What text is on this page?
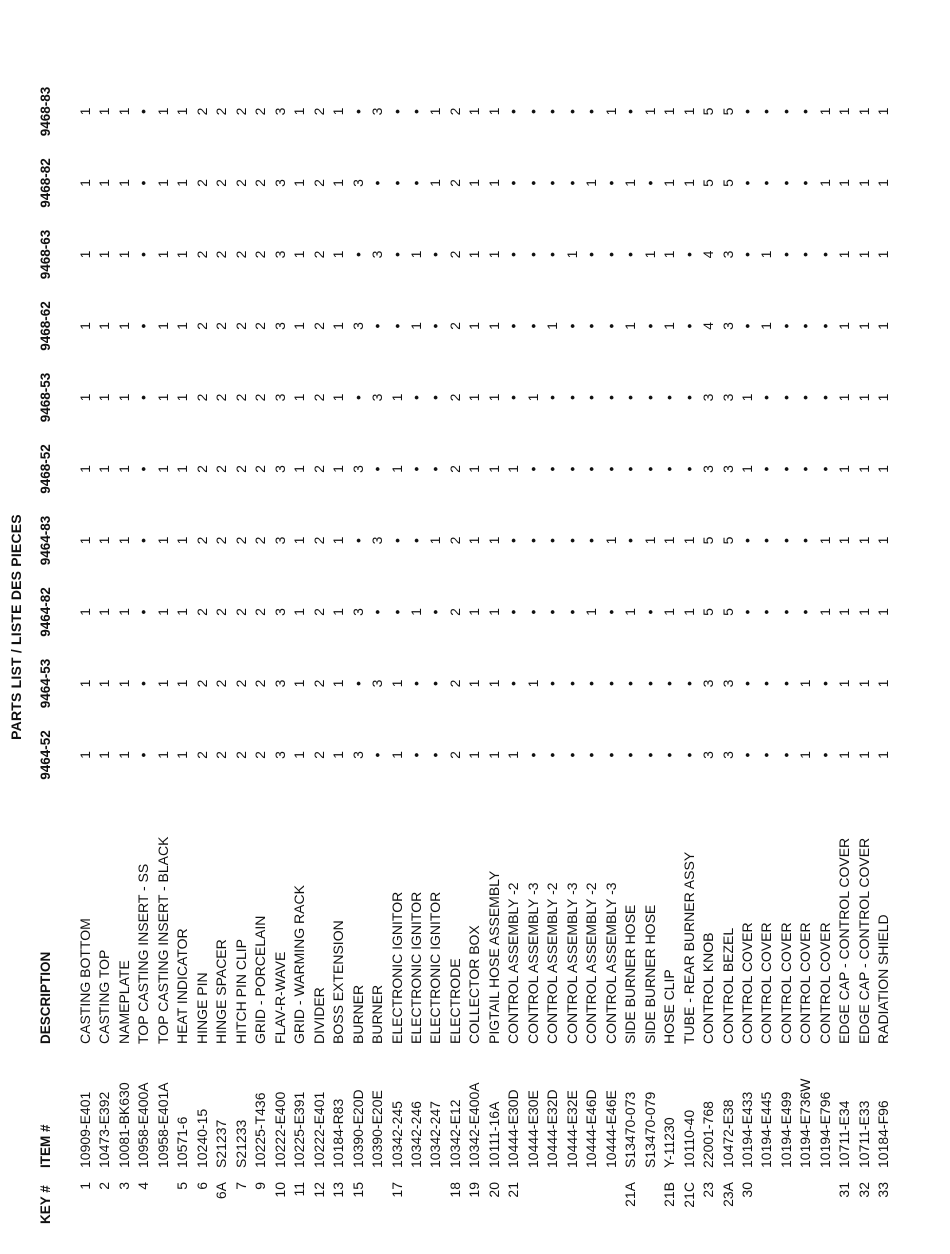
PARTS LIST / LISTE DES PIECES
KEY #
ITEM #
DESCRIPTION
9464-52
9464-53
9464-82
9464-83
9468-52
9468-53
9468-62
9468-63
9468-82
9468-83
1
10909-E401
CASTING BOTTOM
1
1
1
1
1
1
1
1
1
1
2
10473-E392
CASTING TOP
1
1
1
1
1
1
1
1
1
1
3
10081-BK630
NAMEPLATE
1
1
1
1
1
1
1
1
1
1
4
10958-E400A
TOP CASTING INSERT - SS
•
•
•
•
•
•
•
•
•
•
10958-E401A
TOP CASTING INSERT - BLACK
1
1
1
1
1
1
1
1
1
1
5
10571-6
HEAT INDICATOR
1
1
1
1
1
1
1
1
1
1
6
10240-15
HINGE PIN
2
2
2
2
2
2
2
2
2
2
6A
S21237
HINGE SPACER
2
2
2
2
2
2
2
2
2
2
7
S21233
HITCH PIN CLIP
2
2
2
2
2
2
2
2
2
2
9
10225-T436
GRID - PORCELAIN
2
2
2
2
2
2
2
2
2
2
10
10222-E400
FLAV-R-WAVE
3
3
3
3
3
3
3
3
3
3
11
10225-E391
GRID - WARMING RACK
1
1
1
1
1
1
1
1
1
1
12
10222-E401
DIVIDER
2
2
2
2
2
2
2
2
2
2
13
10184-R83
BOSS EXTENSION
1
1
1
1
1
1
1
1
1
1
15
10390-E20D
BURNER
3
•
3
•
3
•
3
•
3
•
10390-E20E
BURNER
•
3
•
3
•
3
•
3
•
3
17
10342-245
ELECTRONIC IGNITOR
1
1
•
•
1
1
•
•
•
•
10342-246
ELECTRONIC IGNITOR
•
•
1
•
•
•
1
1
•
•
10342-247
ELECTRONIC IGNITOR
•
•
•
1
•
•
•
•
1
1
18
10342-E12
ELECTRODE
2
2
2
2
2
2
2
2
2
2
19
10342-E400A
COLLECTOR BOX
1
1
1
1
1
1
1
1
1
1
20
10111-16A
PIGTAIL HOSE ASSEMBLY
1
1
1
1
1
1
1
1
1
1
21
10444-E30D
CONTROL ASSEMBLY -2
1
•
•
•
1
•
•
•
•
•
10444-E30E
CONTROL ASSEMBLY -3
•
1
•
•
•
1
•
•
•
•
10444-E32D
CONTROL ASSEMBLY -2
•
•
•
•
•
•
1
•
•
•
10444-E32E
CONTROL ASSEMBLY -3
•
•
•
•
•
•
•
1
•
•
10444-E46D
CONTROL ASSEMBLY -2
•
•
1
•
•
•
•
•
1
•
10444-E46E
CONTROL ASSEMBLY -3
•
•
•
1
•
•
•
•
•
1
21A
S13470-073
SIDE BURNER HOSE
•
•
1
•
•
•
1
•
1
•
S13470-079
SIDE BURNER HOSE
•
•
•
1
•
•
•
1
•
1
21B
Y-11230
HOSE CLIP
•
•
1
1
•
•
1
1
1
1
21C
10110-40
TUBE - REAR BURNER ASSY
•
•
1
1
•
•
•
•
1
1
23
22001-768
CONTROL KNOB
3
3
5
5
3
3
4
4
5
5
23A
10472-E38
CONTROL BEZEL
3
3
5
5
3
3
3
3
5
5
30
10194-E433
CONTROL COVER
•
•
•
•
1
1
•
•
•
•
10194-E445
CONTROL COVER
•
•
•
•
•
•
1
1
•
•
10194-E499
CONTROL COVER
•
•
•
•
•
•
•
•
•
•
10194-E736W
CONTROL COVER
1
1
•
•
•
•
•
•
•
•
10194-E796
CONTROL COVER
•
•
1
1
•
•
•
•
1
1
31
10711-E34
EDGE CAP - CONTROL COVER
1
1
1
1
1
1
1
1
1
1
32
10711-E33
EDGE CAP - CONTROL COVER
1
1
1
1
1
1
1
1
1
1
33
10184-F96
RADIATION SHIELD
1
1
1
1
1
1
1
1
1
1
